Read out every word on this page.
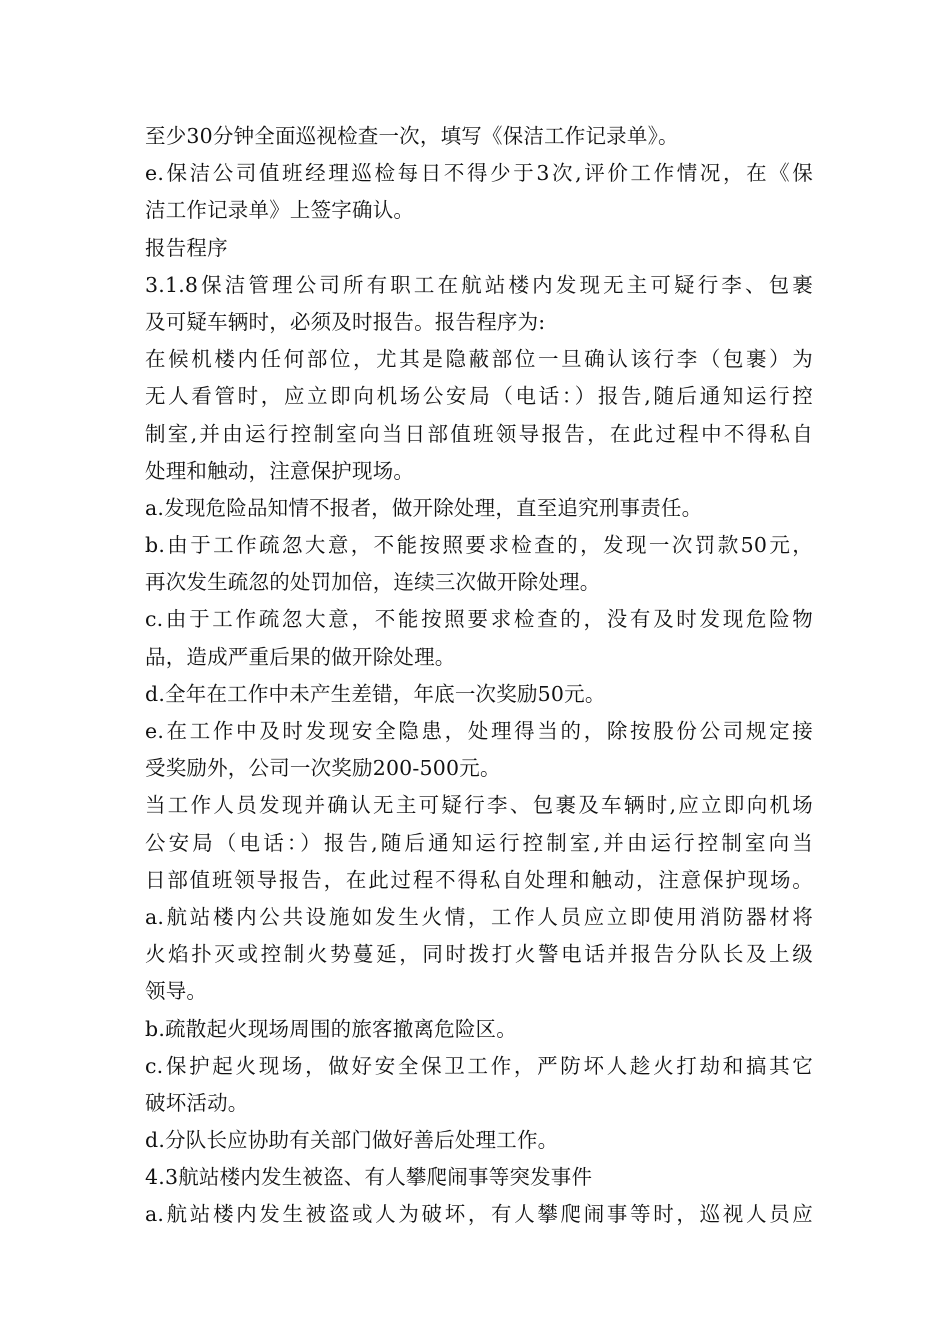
至少30分钟全面巡视检查一次，填写《保洁工作记录单》。
e.保洁公司值班经理巡检每日不得少于3次,评价工作情况，在《保
洁工作记录单》上签字确认。
报告程序
3.1.8保洁管理公司所有职工在航站楼内发现无主可疑行李、包裹
及可疑车辆时，必须及时报告。报告程序为:
在候机楼内任何部位，尤其是隐蔽部位一旦确认该行李（包裹）为
无人看管时，应立即向机场公安局（电话：）报告,随后通知运行控
制室,并由运行控制室向当日部值班领导报告，在此过程中不得私自
处理和触动，注意保护现场。
a.发现危险品知情不报者，做开除处理，直至追究刑事责任。
b.由于工作疏忽大意，不能按照要求检查的，发现一次罚款50元，
再次发生疏忽的处罚加倍，连续三次做开除处理。
c.由于工作疏忽大意，不能按照要求检查的，没有及时发现危险物
品，造成严重后果的做开除处理。
d.全年在工作中未产生差错，年底一次奖励50元。
e.在工作中及时发现安全隐患，处理得当的，除按股份公司规定接
受奖励外，公司一次奖励200-500元。
当工作人员发现并确认无主可疑行李、包裹及车辆时,应立即向机场
公安局（电话：）报告,随后通知运行控制室,并由运行控制室向当
日部值班领导报告，在此过程不得私自处理和触动，注意保护现场。
a.航站楼内公共设施如发生火情，工作人员应立即使用消防器材将
火焰扑灭或控制火势蔓延，同时拨打火警电话并报告分队长及上级
领导。
b.疏散起火现场周围的旅客撤离危险区。
c.保护起火现场，做好安全保卫工作，严防坏人趁火打劫和搞其它
破坏活动。
d.分队长应协助有关部门做好善后处理工作。
4.3航站楼内发生被盗、有人攀爬闹事等突发事件
a.航站楼内发生被盗或人为破坏，有人攀爬闹事等时，巡视人员应
